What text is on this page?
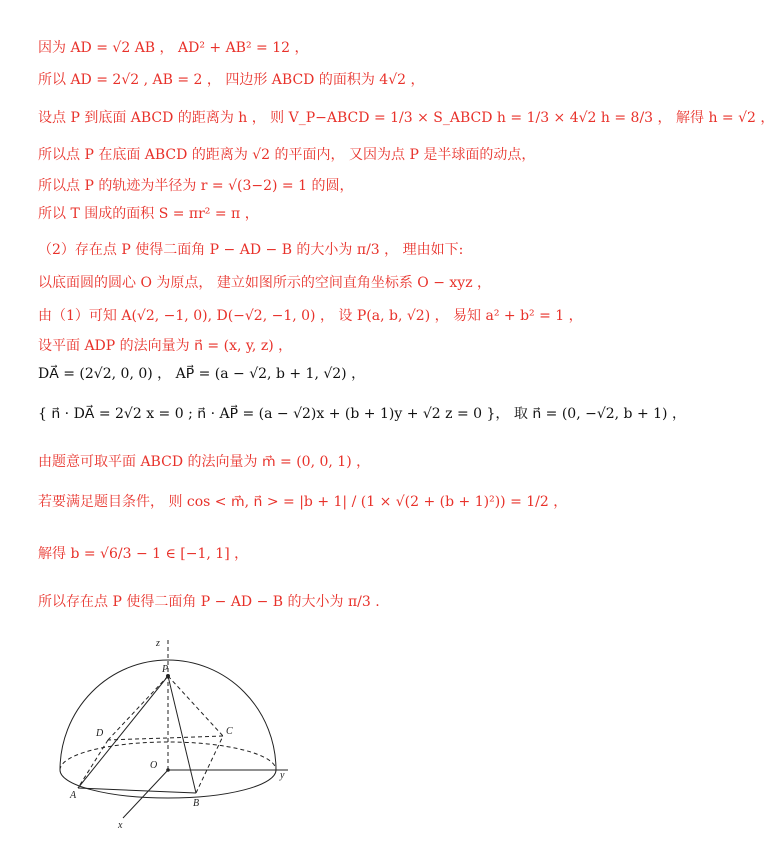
因为 AD = √2 AB ， AD² + AB² = 12 ，
所以 AD = 2√2 , AB = 2 ， 四边形 ABCD 的面积为 4√2 ，
设点 P 到底面 ABCD 的距离为 h ， 则 V_P−ABCD = 1/3 × S_ABCD h = 1/3 × 4√2 h = 8/3 ， 解得 h = √2 ，
所以点 P 在底面 ABCD 的距离为 √2 的平面内， 又因为点 P 是半球面的动点，
所以点 P 的轨迹为半径为 r = √(3−2) = 1 的圆，
所以 T 围成的面积 S = πr² = π ，
（2）存在点 P 使得二面角 P − AD − B 的大小为 π/3 ， 理由如下:
以底面圆的圆心 O 为原点， 建立如图所示的空间直角坐标系 O − xyz ，
由（1）可知 A(√2, −1, 0), D(−√2, −1, 0) ， 设 P(a, b, √2) ， 易知 a² + b² = 1 ，
设平面 ADP 的法向量为 n⃗ = (x, y, z) ，
DA⃗ = (2√2, 0, 0) ， AP⃗ = (a − √2, b + 1, √2) ，
{ n⃗ · DA⃗ = 2√2 x = 0 ; n⃗ · AP⃗ = (a − √2)x + (b + 1)y + √2 z = 0 }， 取 n⃗ = (0, −√2, b + 1) ，
由题意可取平面 ABCD 的法向量为 m⃗ = (0, 0, 1) ，
若要满足题目条件， 则 cos < m⃗, n⃗ > = |b + 1| / (1 × √(2 + (b + 1)²)) = 1/2 ，
解得 b = √6/3 − 1 ∈ [−1, 1] ，
所以存在点 P 使得二面角 P − AD − B 的大小为 π/3 .
z
P
D	C
O
y
A
B
x
